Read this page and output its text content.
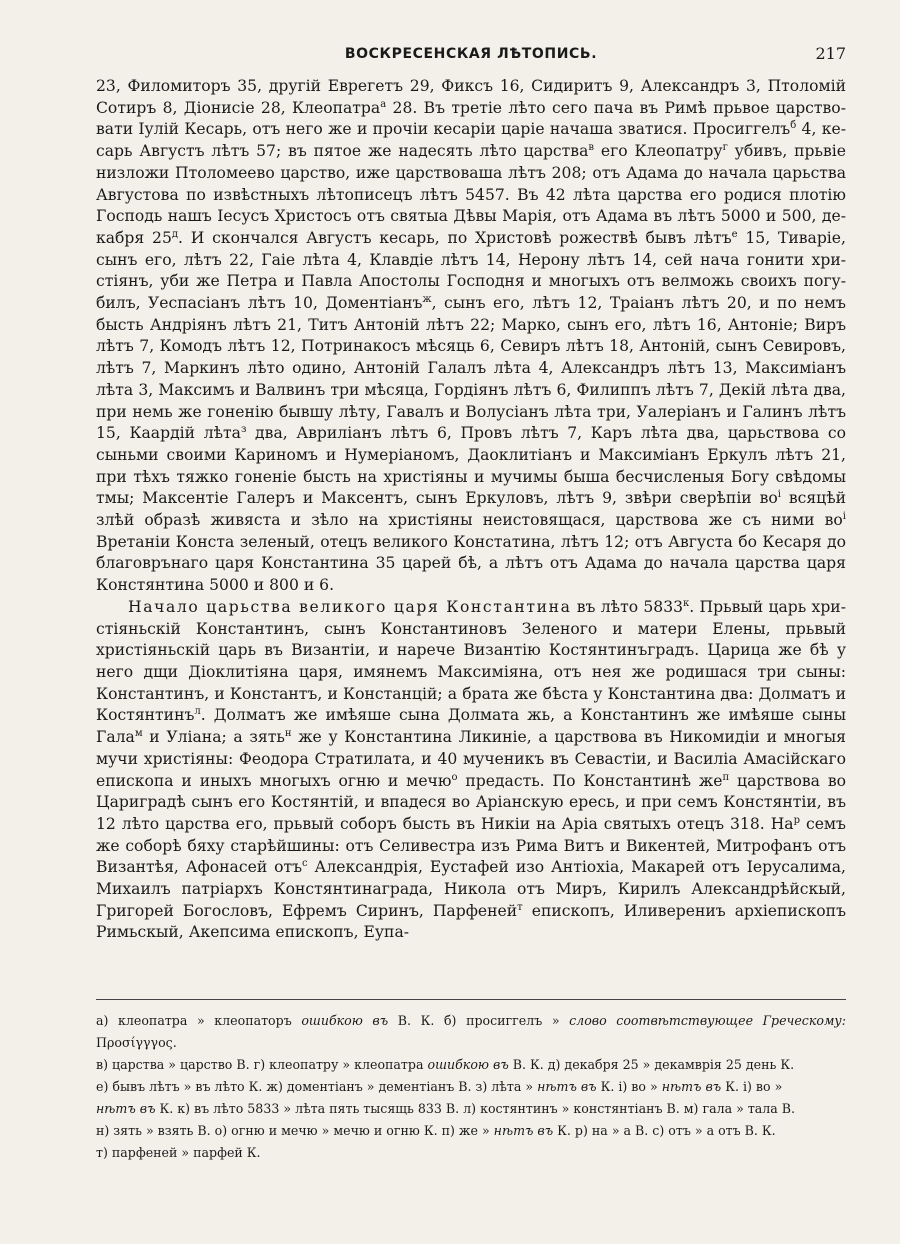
ВОСКРЕСЕНСКАЯ ЛѢТОПИСЬ.	217

23, Филомиторъ 35, другій Еврегетъ 29, Фиксъ 16, Сидиритъ 9, Александръ 3, Птоломій Сотиръ 8, Діонисіе 28, Клеопатра$^а$ 28. Въ третіе лѣто сего пача въ Римѣ прьвое царствовати Іулій Кесарь, отъ него же и прочіи кесаріи царіе начаша зватися. Просиггелъ$^б$ 4, кесарь Августъ лѣтъ 57; въ пятое же надесять лѣто царства$^в$ его Клеопатру$^г$ убивъ, прьвіе низложи Птоломеево царство, иже царствоваша лѣтъ 208; отъ Адама до начала царьства Августова по извѣстныхъ лѣтописецъ лѣтъ 5457. Въ 42 лѣта царства его родися плотію Господь нашъ Іесусъ Христосъ отъ святыа Дѣвы Марія, отъ Адама въ лѣтъ 5000 и 500, декабря $25^д$. И скончался Августъ кесарь, по Христовѣ рожествѣ бывъ лѣтъ$^е$ 15, Тиваріе, сынъ его, лѣтъ 22, Гаіе лѣта 4, Клавдіе лѣтъ 14, Нерону лѣтъ 14, сей нача гонити христіянъ, уби же Петра и Павла Апостолы Господня и многыхъ отъ велможь своихъ погубилъ, Уеспасіанъ лѣтъ 10, Доментіанъ$^ж$, сынъ его, лѣтъ 12, Траіанъ лѣтъ 20, и по немъ бысть Андріянъ лѣтъ 21, Титъ Антоній лѣтъ 22; Марко, сынъ его, лѣтъ 16, Антоніе; Виръ лѣтъ 7, Комодъ лѣтъ 12, Потринакосъ мѣсяць 6, Севиръ лѣтъ 18, Антоній, сынъ Севировъ, лѣтъ 7, Маркинъ лѣто одино, Антоній Галалъ лѣта 4, Александръ лѣтъ 13, Максиміанъ лѣта 3, Максимъ и Валвинъ три мѣсяца, Гордіянъ лѣтъ 6, Филиппъ лѣтъ 7, Декій лѣта два, при немь же гоненію бывшу лѣту, Гавалъ и Волусіанъ лѣта три, Уалеріанъ и Галинъ лѣтъ 15, Каардій лѣта$^з$ два, Авриліанъ лѣтъ 6, Провъ лѣтъ 7, Каръ лѣта два, царьствова со сыньми своими Кариномъ и Нумеріаномъ, Даоклитіанъ и Максиміанъ Еркулъ лѣтъ 21, при тѣхъ тяжко гоненіе бысть на христіяны и мучимы быша бесчисленыя Богу свѣдомы тмы; Максентіе Галеръ и Максентъ, сынъ Еркуловъ, лѣтъ 9, звѣри сверѣпіи $во^і$ всяцѣй злѣй образѣ живяста и зѣло на христіяны неистовящася, царствова же съ ними $во^і$ Вретаніи Конста зеленый, отецъ великого Констатина, лѣтъ 12; отъ Августа бо Кесаря до благоврънаго царя Константина 35 царей бѣ, а лѣтъ отъ Адама до начала царства царя Констянтина 5000 и 800 и 6.

Начало царьства великого царя Константина въ лѣто $5833^к$. Прьвый царь христіяньскій Константинъ, сынъ Константиновъ Зеленого и матери Елены, прьвый христіяньскій царь въ Византіи, и нарече Византію Костянтинъградъ. Царица же бѣ у него дщи Діоклитіяна царя, имянемъ Максиміяна, отъ нея же родишася три сыны: Константинъ, и Константъ, и Констанцій; а брата же бѣста у Константина два: Долматъ и Костянтинъ$^л$. Долматъ же имѣяше сына Долмата жь, а Константинъ же имѣяше сыны Гала$^м$ и Уліана; а зять$^н$ же у Константина Ликиніе, а царствова въ Никомидіи и многыя мучи христіяны: Феодора Стратилата, и 40 мученикъ въ Севастіи, и Василіа Амасійскаго епископа и иныхъ многыхъ огню и мечю$^о$ предасть. По Константинѣ $же^п$ царствова во Цариградѣ сынъ его Костянтій, и впадеся во Аріанскую ересь, и при семъ Констянтіи, въ 12 лѣто царства его, прьвый соборъ бысть въ Никіи на Аріа святыхъ отецъ 318. $На^р$ семъ же соборѣ бяху старѣйшины: отъ Селивестра изъ Рима Витъ и Викентей, Митрофанъ отъ Византѣя, Афонасей отъ$^с$ Александрія, Еустафей изо Антіохіа, Макарей отъ Іерусалима, Михаилъ патріархъ Констянтинаграда, Никола отъ Миръ, Кирилъ Александрѣйскый, Григорей Богословъ, Ефремъ Сиринъ, Парфеней$^т$ епископъ, Иливерениъ архіепископъ Римьскый, Акепсима епископъ, Еупа-

а) клеопатра » клеопаторъ ошибкою въ В. К. б) просиггелъ » слово соотвѣтствующее Греческому: Προσίγγγος.
в) царства » царство В. г) клеопатру » клеопатра ошибкою въ В. К. д) декабря 25 » декамврія 25 день К.
е) бывъ лѣтъ » въ лѣто К. ж) доментіанъ » дементіанъ В. з) лѣта » нѣтъ въ К. і) во » нѣтъ въ К. і) во »
нѣтъ въ К. к) въ лѣто 5833 » лѣта пять тысящь 833 В. л) костянтинъ » констянтіанъ В. м) гала » тала В.
н) зять » взять В. о) огню и мечю » мечю и огню К. п) же » нѣтъ въ К. р) на » а В. с) отъ » а отъ В. К.
т) парфеней » парфей К.
